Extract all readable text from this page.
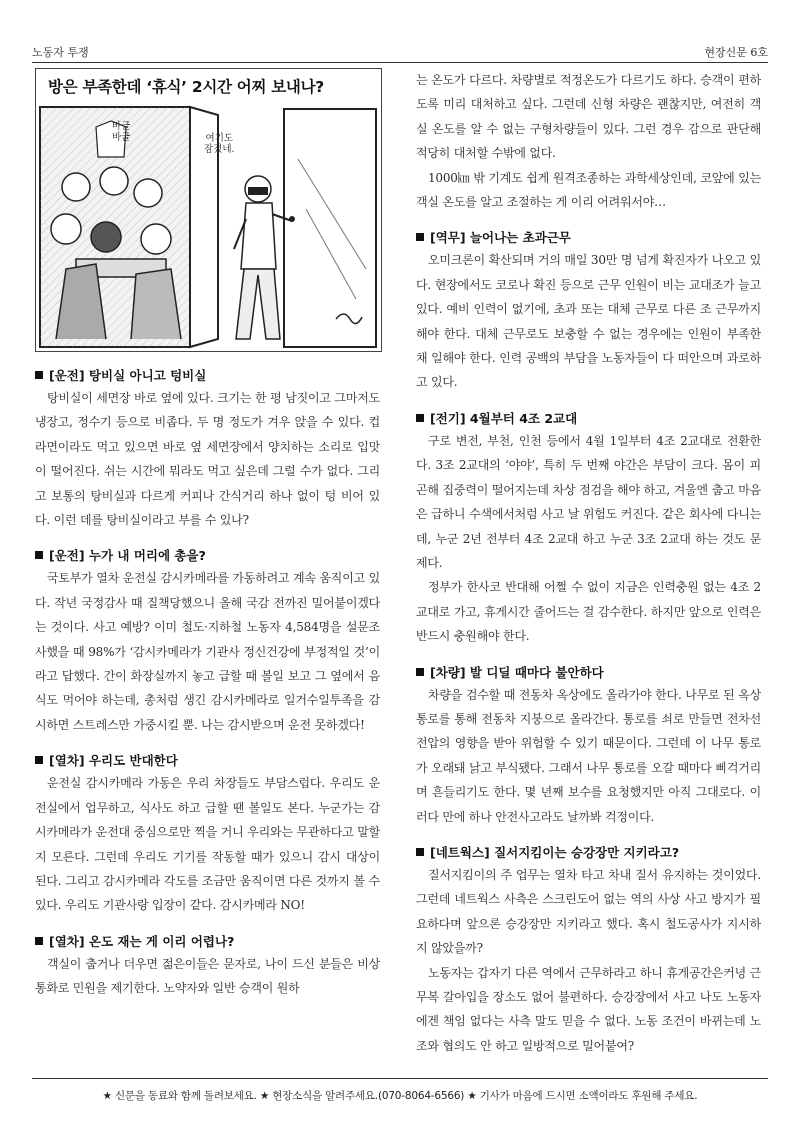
노동자 투쟁	현장신문 6호
방은 부족한데 ‘휴식’ 2시간 어찌 보내나?
바글
바글	여기도
잠겼네.
[운전] 탕비실 아니고 텅비실
탕비실이 세면장 바로 옆에 있다. 크기는 한 평 남짓이고 그마저도 냉장고, 정수기 등으로 비좁다. 두 명 정도가 겨우 앉을 수 있다. 컵라면이라도 먹고 있으면 바로 옆 세면장에서 양치하는 소리로 입맛이 떨어진다. 쉬는 시간에 뭐라도 먹고 싶은데 그럴 수가 없다. 그리고 보통의 탕비실과 다르게 커피나 간식거리 하나 없이 텅 비어 있다. 이런 데를 탕비실이라고 부를 수 있나?
[운전] 누가 내 머리에 총을?
국토부가 열차 운전실 감시카메라를 가동하려고 계속 움직이고 있다. 작년 국정감사 때 질책당했으니 올해 국감 전까진 밀어붙이겠다는 것이다. 사고 예방? 이미 철도·지하철 노동자 4,584명을 설문조사했을 때 98%가 ‘감시카메라가 기관사 정신건강에 부정적일 것’이라고 답했다. 간이 화장실까지 놓고 급할 때 볼일 보고 그 옆에서 음식도 먹어야 하는데, 총처럼 생긴 감시카메라로 일거수일투족을 감시하면 스트레스만 가중시킬 뿐. 나는 감시받으며 운전 못하겠다!
[열차] 우리도 반대한다
운전실 감시카메라 가동은 우리 차장들도 부담스럽다. 우리도 운전실에서 업무하고, 식사도 하고 급할 땐 볼일도 본다. 누군가는 감시카메라가 운전대 중심으로만 찍을 거니 우리와는 무관하다고 말할지 모른다. 그런데 우리도 기기를 작동할 때가 있으니 감시 대상이 된다. 그리고 감시카메라 각도를 조금만 움직이면 다른 것까지 볼 수 있다. 우리도 기관사랑 입장이 같다. 감시카메라 NO!
[열차] 온도 재는 게 이리 어렵나?
객실이 춥거나 더우면 젊은이들은 문자로, 나이 드신 분들은 비상통화로 민원을 제기한다. 노약자와 일반 승객이 원하
는 온도가 다르다. 차량별로 적정온도가 다르기도 하다. 승객이 편하도록 미리 대처하고 싶다. 그런데 신형 차량은 괜찮지만, 여전히 객실 온도를 알 수 없는 구형차량들이 있다. 그런 경우 감으로 판단해 적당히 대처할 수밖에 없다.
1000㎞ 밖 기계도 쉽게 원격조종하는 과학세상인데, 코앞에 있는 객실 온도를 알고 조절하는 게 이리 어려워서야…
[역무] 늘어나는 초과근무
오미크론이 확산되며 거의 매일 30만 명 넘게 확진자가 나오고 있다. 현장에서도 코로나 확진 등으로 근무 인원이 비는 교대조가 늘고 있다. 예비 인력이 없기에, 초과 또는 대체 근무로 다른 조 근무까지 해야 한다. 대체 근무로도 보충할 수 없는 경우에는 인원이 부족한 채 일해야 한다. 인력 공백의 부담을 노동자들이 다 떠안으며 과로하고 있다.
[전기] 4월부터 4조 2교대
구로 변전, 부천, 인천 등에서 4월 1일부터 4조 2교대로 전환한다. 3조 2교대의 ‘야야’, 특히 두 번째 야간은 부담이 크다. 몸이 피곤해 집중력이 떨어지는데 차상 점검을 해야 하고, 겨울엔 춥고 마음은 급하니 수색에서처럼 사고 날 위험도 커진다. 같은 회사에 다니는데, 누군 2년 전부터 4조 2교대 하고 누군 3조 2교대 하는 것도 문제다.
정부가 한사코 반대해 어쩔 수 없이 지금은 인력충원 없는 4조 2교대로 가고, 휴게시간 줄어드는 걸 감수한다. 하지만 앞으로 인력은 반드시 충원해야 한다.
[차량] 발 디딜 때마다 불안하다
차량을 검수할 때 전동차 옥상에도 올라가야 한다. 나무로 된 옥상 통로를 통해 전동차 지붕으로 올라간다. 통로를 쇠로 만들면 전차선 전압의 영향을 받아 위험할 수 있기 때문이다. 그런데 이 나무 통로가 오래돼 낡고 부식됐다. 그래서 나무 통로를 오갈 때마다 삐걱거리며 흔들리기도 한다. 몇 년째 보수를 요청했지만 아직 그대로다. 이러다 만에 하나 안전사고라도 날까봐 걱정이다.
[네트웍스] 질서지킴이는 승강장만 지키라고?
질서지킴이의 주 업무는 열차 타고 차내 질서 유지하는 것이었다. 그런데 네트웍스 사측은 스크린도어 없는 역의 사상 사고 방지가 필요하다며 앞으론 승강장만 지키라고 했다. 혹시 철도공사가 지시하지 않았을까?
노동자는 갑자기 다른 역에서 근무하라고 하니 휴게공간은커녕 근무복 갈아입을 장소도 없어 불편하다. 승강장에서 사고 나도 노동자에겐 책임 없다는 사측 말도 믿을 수 없다. 노동 조건이 바뀌는데 노조와 협의도 안 하고 일방적으로 밀어붙여?
★ 신문을 동료와 함께 돌려보세요. ★ 현장소식을 알려주세요.(070-8064-6566) ★ 기사가 마음에 드시면 소액이라도 후원해 주세요.
